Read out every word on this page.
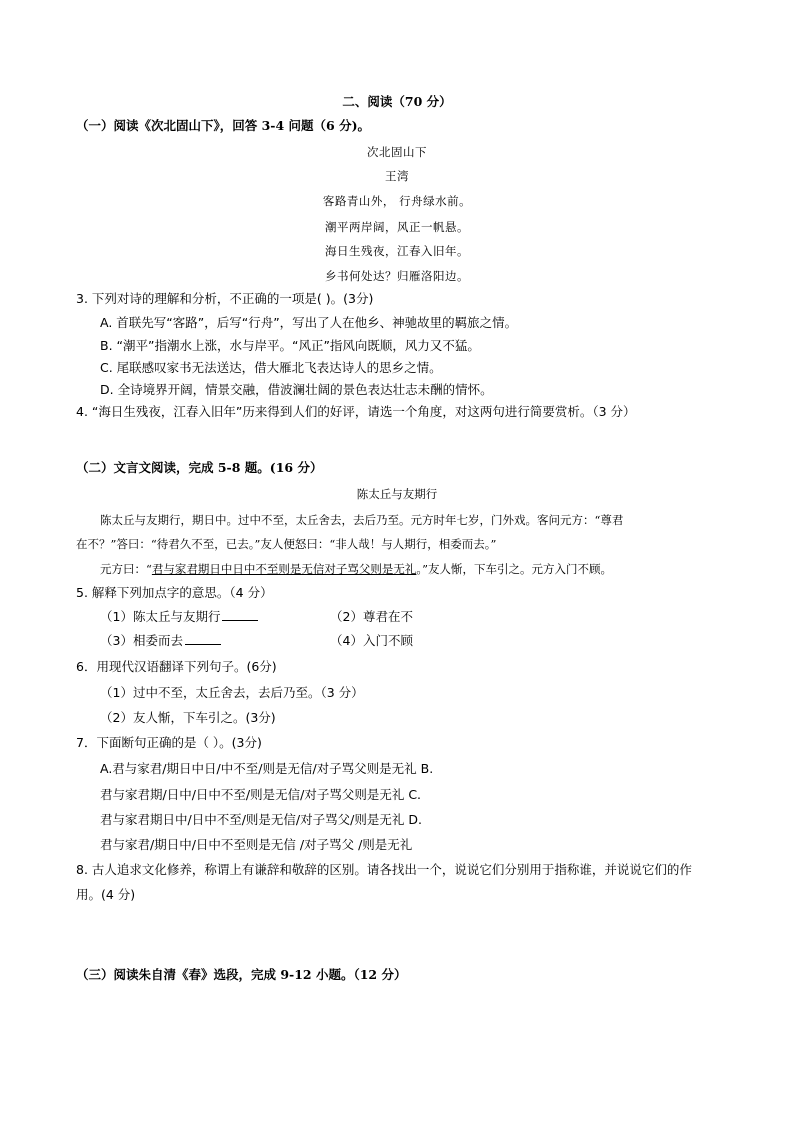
二、阅读（70 分）
（一）阅读《次北固山下》，回答 3-4 问题（6 分)。
次北固山下
王湾
客路青山外， 行舟绿水前。
潮平两岸阔，风正一帆悬。
海日生残夜，江春入旧年。
乡书何处达？归雁洛阳边。
3. 下列对诗的理解和分析，不正确的一项是( )。(3分)
A. 首联先写“客路”，后写“行舟”，写出了人在他乡、神驰故里的羁旅之情。
B. “潮平”指潮水上涨，水与岸平。“风正”指风向既顺，风力又不猛。
C. 尾联感叹家书无法送达，借大雁北飞表达诗人的思乡之情。
D. 全诗境界开阔，情景交融，借波澜壮阔的景色表达壮志未酬的情怀。
4. “海日生残夜，江春入旧年”历来得到人们的好评，请选一个角度，对这两句进行简要赏析。（3 分）
（二）文言文阅读，完成 5-8 题。(16 分）
陈太丘与友期行
陈太丘与友期行，期日中。过中不至，太丘舍去，去后乃至。元方时年七岁，门外戏。客问元方：“尊君
在不？”答曰：“待君久不至，已去。”友人便怒曰：“非人哉！与人期行，相委而去。”
元方曰：“君与家君期日中日中不至则是无信对子骂父则是无礼。”友人惭，下车引之。元方入门不顾。
5. 解释下列加点字的意思。（4 分）
（1）陈太丘与友期行	（2）尊君在不
（3）相委而去	（4）入门不顾
6．用现代汉语翻译下列句子。(6分)
（1）过中不至，太丘舍去，去后乃至。（3 分）
（2）友人惭，下车引之。(3分)
7．下面断句正确的是（ ）。(3分)
A.君与家君/期日中日/中不至/则是无信/对子骂父则是无礼 B.
君与家君期/日中/日中不至/则是无信/对子骂父则是无礼 C.
君与家君期日中/日中不至/则是无信/对子骂父/则是无礼 D.
君与家君/期日中/日中不至则是无信 /对子骂父 /则是无礼
8. 古人追求文化修养，称谓上有谦辞和敬辞的区别。请各找出一个，说说它们分别用于指称谁，并说说它们的作
用。(4 分)
（三）阅读朱自清《春》选段，完成 9-12 小题。（12 分）
